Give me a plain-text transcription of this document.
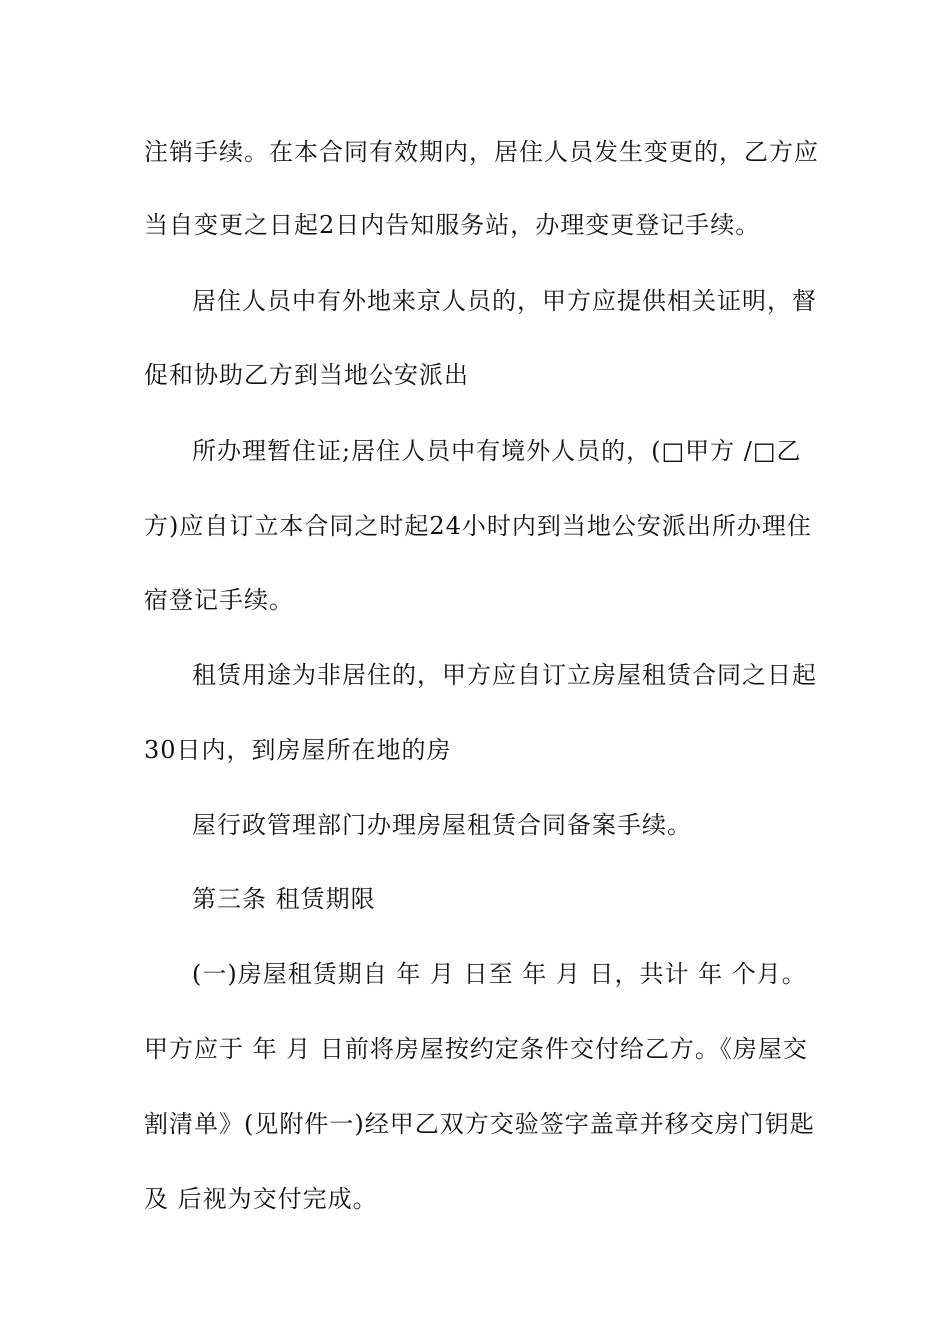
注销手续。在本合同有效期内，居住人员发生变更的，乙方应
当自变更之日起2日内告知服务站，办理变更登记手续。
居住人员中有外地来京人员的，甲方应提供相关证明，督
促和协助乙方到当地公安派出
所办理暂住证;居住人员中有境外人员的，(□甲方 /□乙
方)应自订立本合同之时起24小时内到当地公安派出所办理住
宿登记手续。
租赁用途为非居住的，甲方应自订立房屋租赁合同之日起
30日内，到房屋所在地的房
屋行政管理部门办理房屋租赁合同备案手续。
第三条 租赁期限
(一)房屋租赁期自 年 月 日至 年 月 日，共计 年 个月。
甲方应于 年 月 日前将房屋按约定条件交付给乙方。《房屋交
割清单》(见附件一)经甲乙双方交验签字盖章并移交房门钥匙
及 后视为交付完成。
